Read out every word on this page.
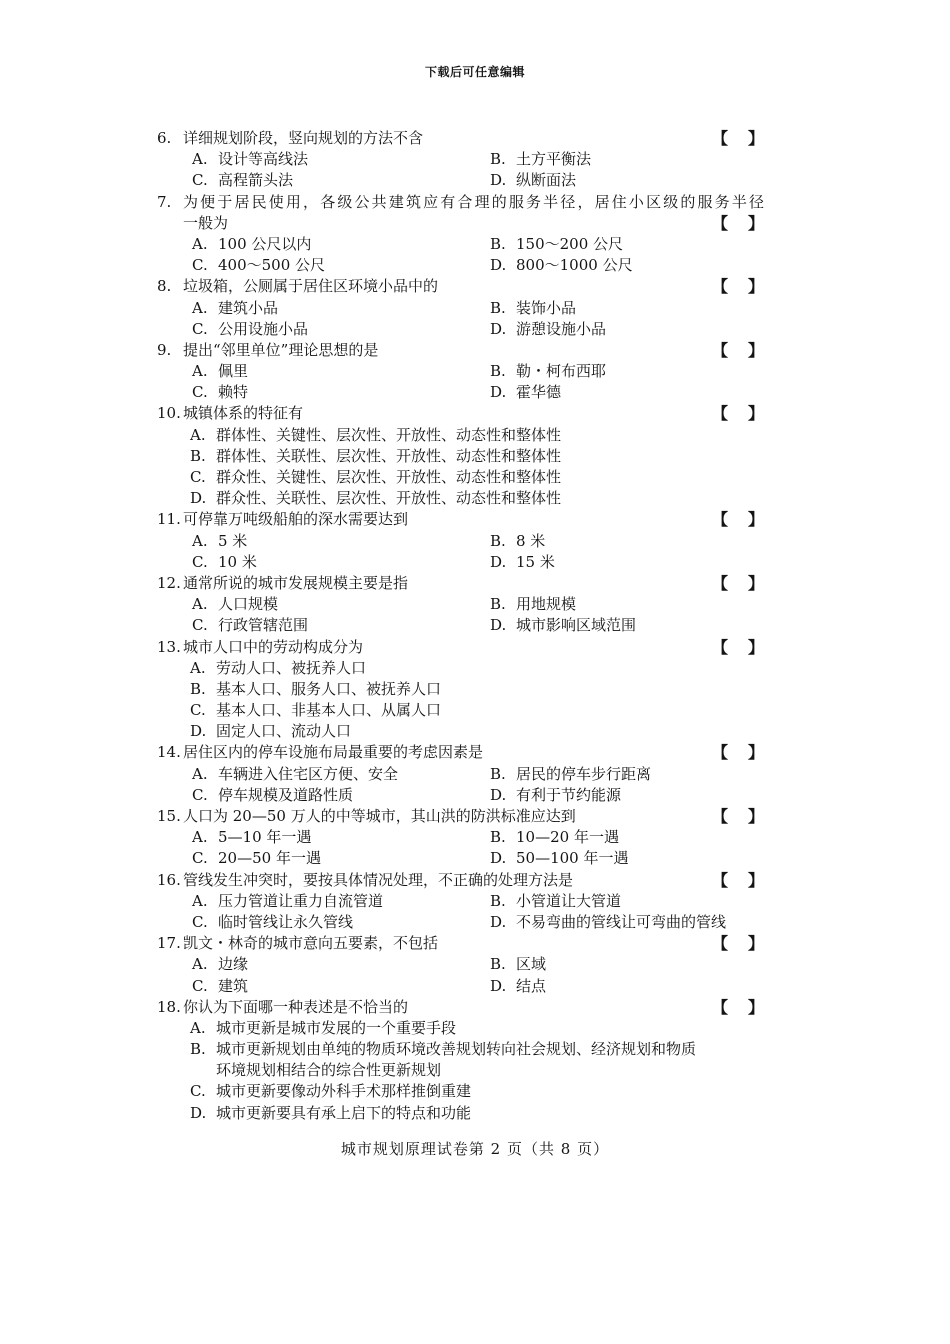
下载后可任意编辑
6. 详细规划阶段，竖向规划的方法不含	【 】
A. 设计等高线法	B. 土方平衡法
C. 高程箭头法	D. 纵断面法
7. 为便于居民使用，各级公共建筑应有合理的服务半径，居住小区级的服务半径
一般为	【 】
A. 100 公尺以内	B. 150～200 公尺
C. 400～500 公尺	D. 800～1000 公尺
8. 垃圾箱，公厕属于居住区环境小品中的	【 】
A. 建筑小品	B. 装饰小品
C. 公用设施小品	D. 游憩设施小品
9. 提出“邻里单位”理论思想的是	【 】
A. 佩里	B. 勒・柯布西耶
C. 赖特	D. 霍华德
10. 城镇体系的特征有	【 】
A. 群体性、关键性、层次性、开放性、动态性和整体性
B. 群体性、关联性、层次性、开放性、动态性和整体性
C. 群众性、关键性、层次性、开放性、动态性和整体性
D. 群众性、关联性、层次性、开放性、动态性和整体性
11. 可停靠万吨级船舶的深水需要达到	【 】
A. 5 米	B. 8 米
C. 10 米	D. 15 米
12. 通常所说的城市发展规模主要是指	【 】
A. 人口规模	B. 用地规模
C. 行政管辖范围	D. 城市影响区域范围
13. 城市人口中的劳动构成分为	【 】
A. 劳动人口、被抚养人口
B. 基本人口、服务人口、被抚养人口
C. 基本人口、非基本人口、从属人口
D. 固定人口、流动人口
14. 居住区内的停车设施布局最重要的考虑因素是	【 】
A. 车辆进入住宅区方便、安全	B. 居民的停车步行距离
C. 停车规模及道路性质	D. 有利于节约能源
15. 人口为 20—50 万人的中等城市，其山洪的防洪标准应达到	【 】
A. 5—10 年一遇	B. 10—20 年一遇
C. 20—50 年一遇	D. 50—100 年一遇
16. 管线发生冲突时，要按具体情况处理，不正确的处理方法是	【 】
A. 压力管道让重力自流管道	B. 小管道让大管道
C. 临时管线让永久管线	D. 不易弯曲的管线让可弯曲的管线
17. 凯文・林奇的城市意向五要素，不包括	【 】
A. 边缘	B. 区域
C. 建筑	D. 结点
18. 你认为下面哪一种表述是不恰当的	【 】
A. 城市更新是城市发展的一个重要手段
B. 城市更新规划由单纯的物质环境改善规划转向社会规划、经济规划和物质
环境规划相结合的综合性更新规划
C. 城市更新要像动外科手术那样推倒重建
D. 城市更新要具有承上启下的特点和功能
城市规划原理试卷第 2 页（共 8 页）
